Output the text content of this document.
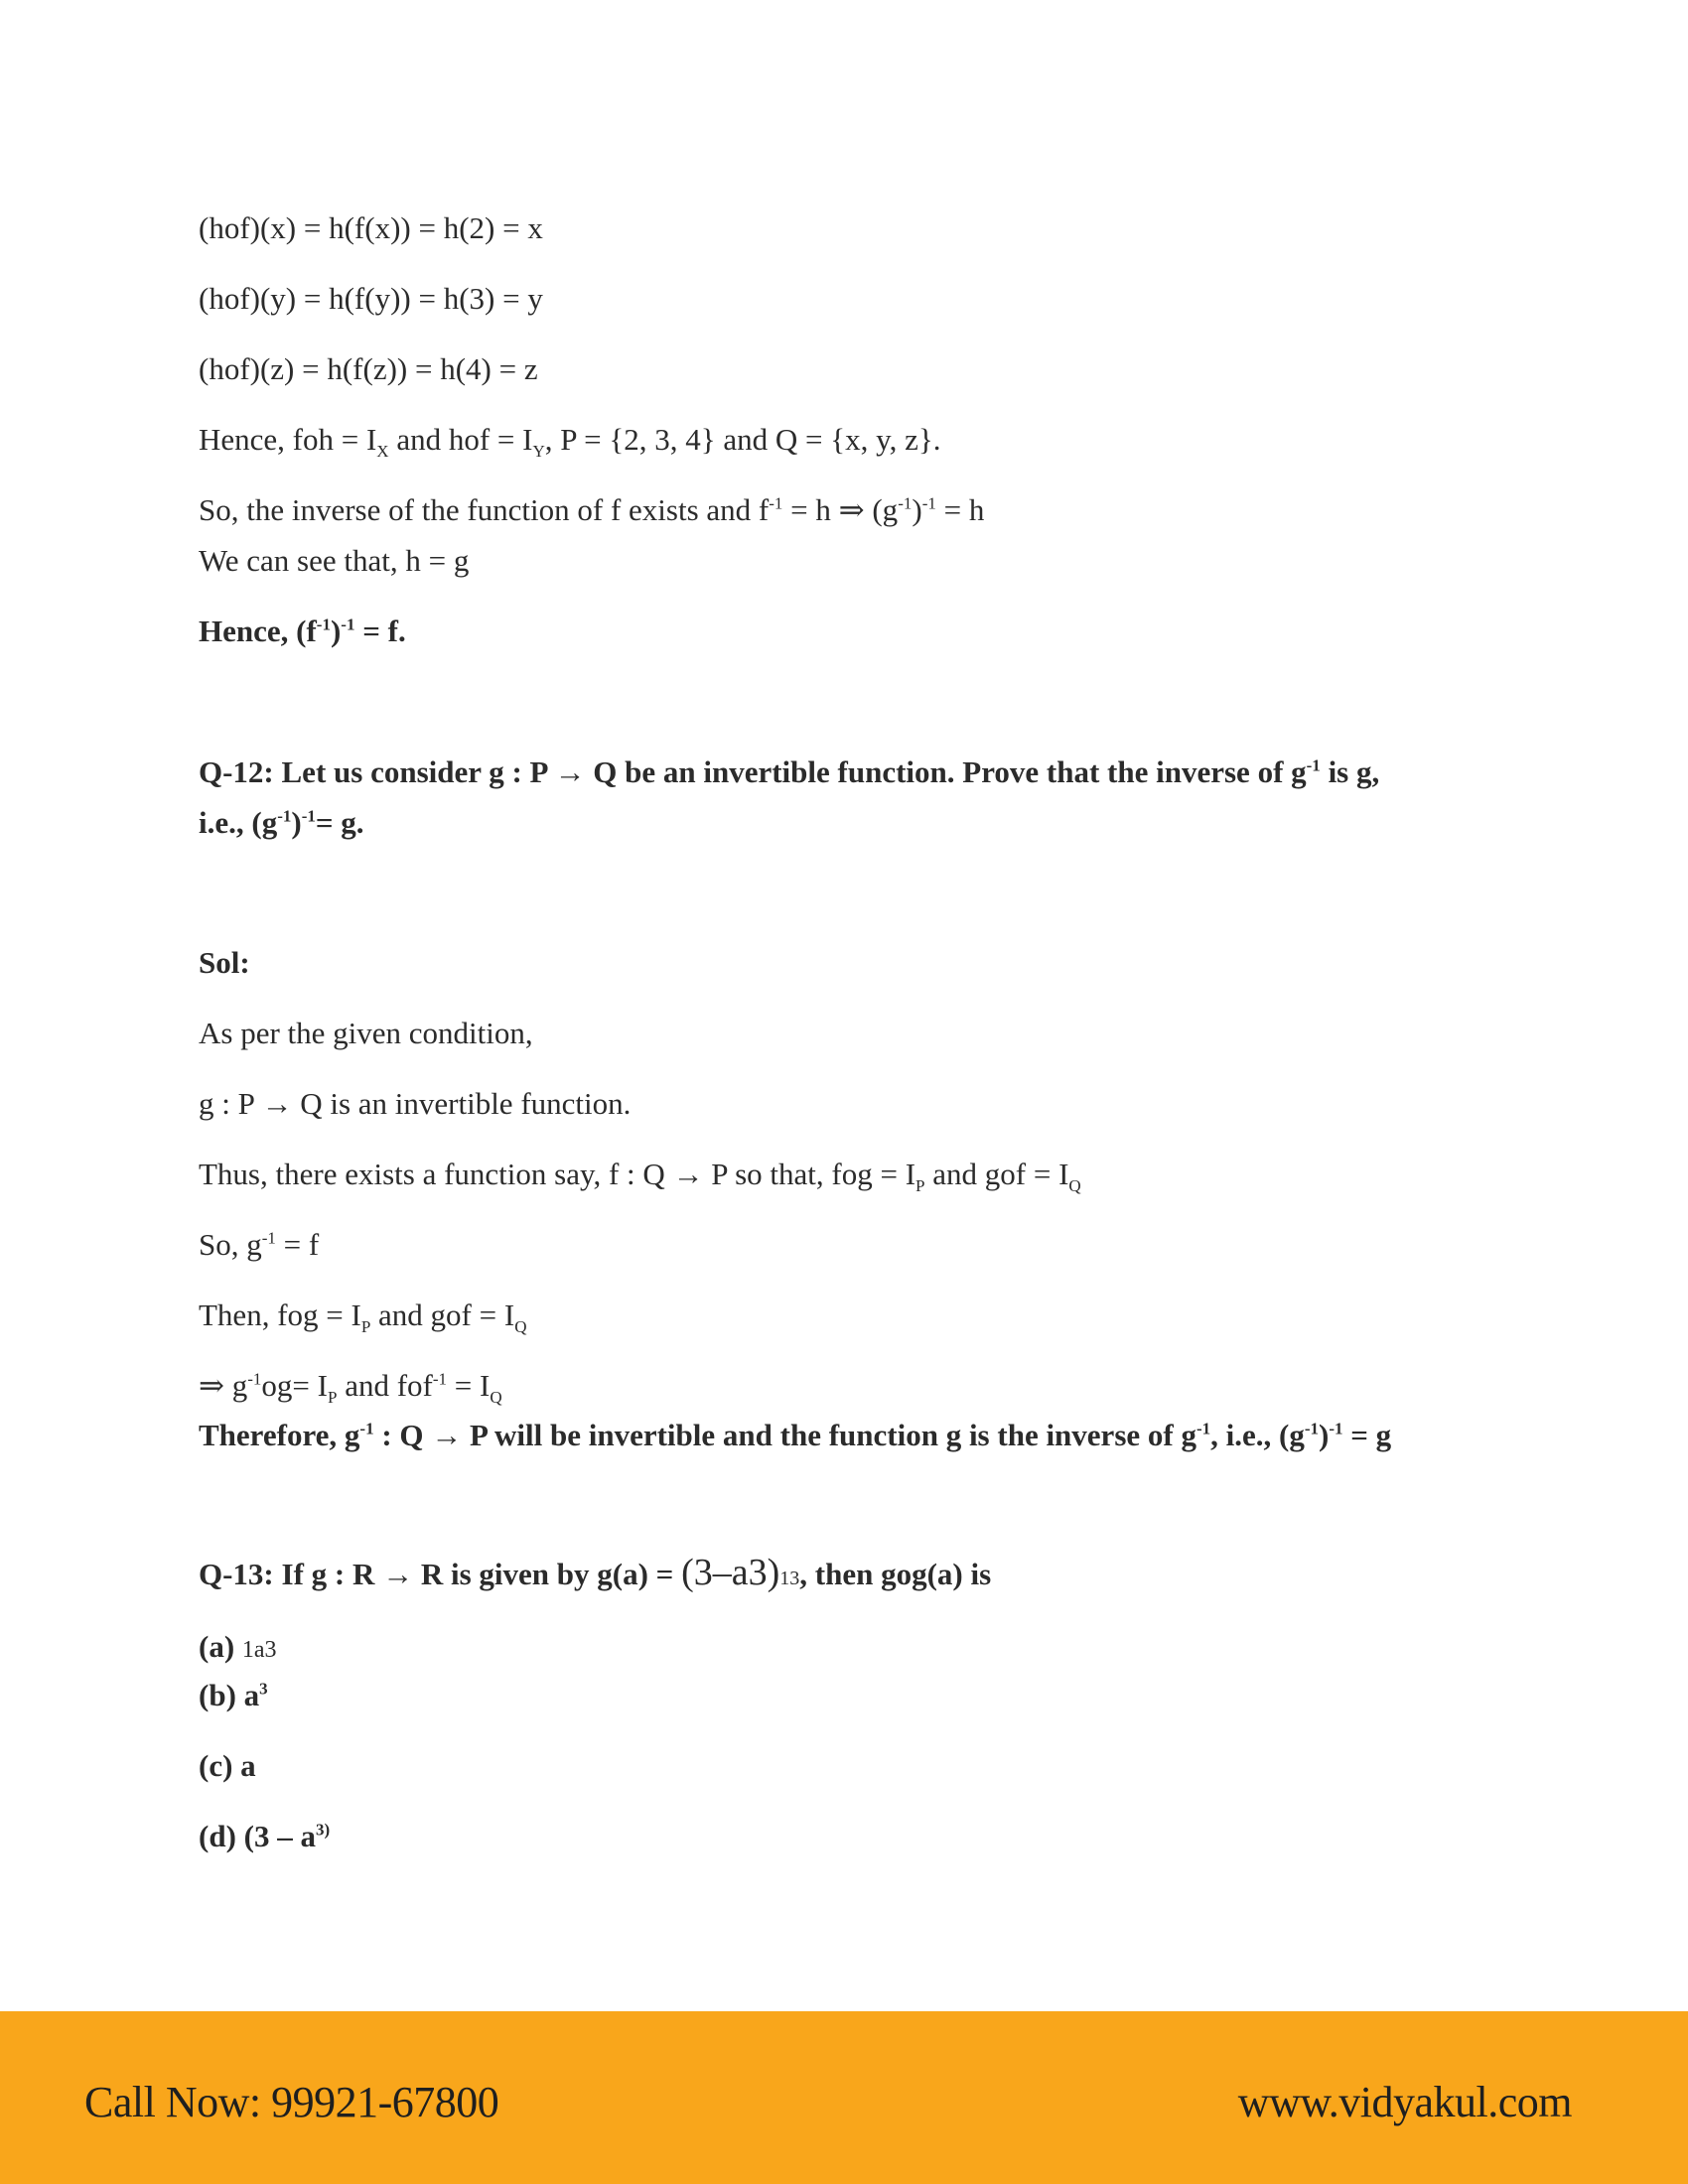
(hof)(x) = h(f(x)) = h(2) = x
(hof)(y) = h(f(y)) = h(3) = y
(hof)(z) = h(f(z)) = h(4) = z
Hence, foh = $I_X$ and hof = $I_Y$, P = {2, 3, 4} and Q = {x, y, z}.
So, the inverse of the function of f exists and $f^{-1} = h$ ⇒ $(g^{-1})^{-1} = h$
We can see that, h = g
Hence, $(f^{-1})^{-1} = f$.
Q-12: Let us consider g : P → Q be an invertible function. Prove that the inverse of $g^{-1}$ is g,
i.e., $(g^{-1})^{-1}= g$.
Sol:
As per the given condition,
g : P → Q is an invertible function.
Thus, there exists a function say, f : Q → P so that, fog = $I_P$ and gof = $I_Q$
So, $g^{-1} = f$
Then, fog = $I_P$ and gof = $I_Q$
⇒ $g^{-1}og= I_P$ and $fof^{-1} = I_Q$
Therefore, $g^{-1}$ : Q → P will be invertible and the function g is the inverse of $g^{-1}$, i.e., $(g^{-1})^{-1} = g$
Q-13: If g : R → R is given by g(a) = (3–a3)13, then gog(a) is
(a) 1a3
(b) $a^3$
(c) a
(d) ($3 - a^{3)}$
Call Now: 99921-67800	www.vidyakul.com
